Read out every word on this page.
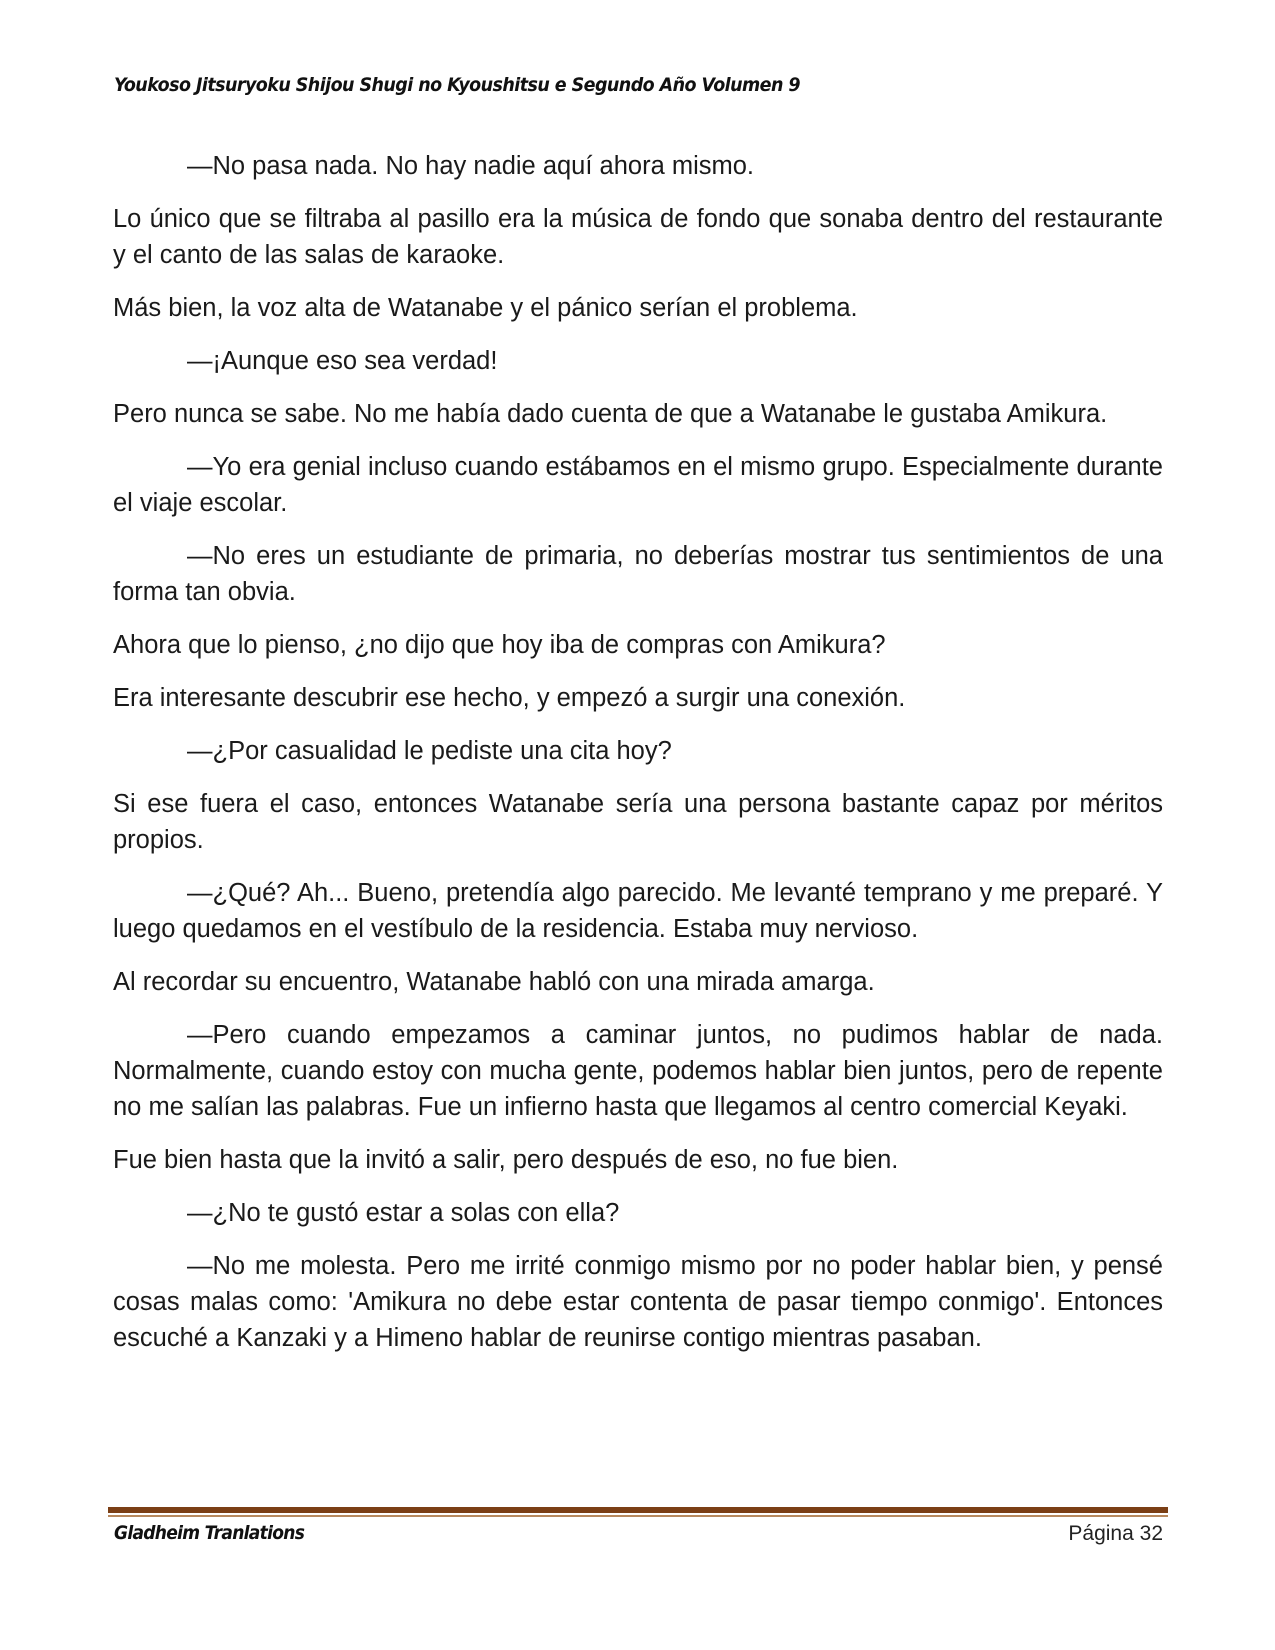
Youkoso Jitsuryoku Shijou Shugi no Kyoushitsu e Segundo Año Volumen 9

—No pasa nada. No hay nadie aquí ahora mismo.

Lo único que se filtraba al pasillo era la música de fondo que sonaba dentro del restaurante y el canto de las salas de karaoke.

Más bien, la voz alta de Watanabe y el pánico serían el problema.

—¡Aunque eso sea verdad!

Pero nunca se sabe. No me había dado cuenta de que a Watanabe le gustaba Amikura.

—Yo era genial incluso cuando estábamos en el mismo grupo. Especialmente durante el viaje escolar.

—No eres un estudiante de primaria, no deberías mostrar tus sentimientos de una forma tan obvia.

Ahora que lo pienso, ¿no dijo que hoy iba de compras con Amikura?

Era interesante descubrir ese hecho, y empezó a surgir una conexión.

—¿Por casualidad le pediste una cita hoy?

Si ese fuera el caso, entonces Watanabe sería una persona bastante capaz por méritos propios.

—¿Qué? Ah... Bueno, pretendía algo parecido. Me levanté temprano y me preparé. Y luego quedamos en el vestíbulo de la residencia. Estaba muy nervioso.

Al recordar su encuentro, Watanabe habló con una mirada amarga.

—Pero cuando empezamos a caminar juntos, no pudimos hablar de nada. Normalmente, cuando estoy con mucha gente, podemos hablar bien juntos, pero de repente no me salían las palabras. Fue un infierno hasta que llegamos al centro comercial Keyaki.

Fue bien hasta que la invitó a salir, pero después de eso, no fue bien.

—¿No te gustó estar a solas con ella?

—No me molesta. Pero me irrité conmigo mismo por no poder hablar bien, y pensé cosas malas como: 'Amikura no debe estar contenta de pasar tiempo conmigo'. Entonces escuché a Kanzaki y a Himeno hablar de reunirse contigo mientras pasaban.

Gladheim Tranlations	Página 32
